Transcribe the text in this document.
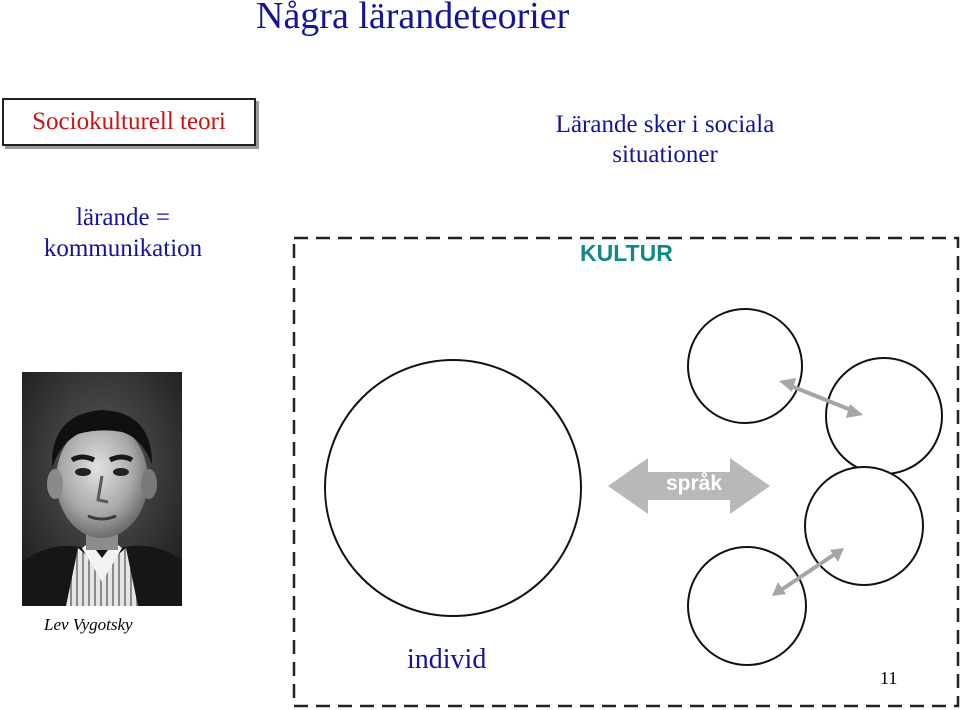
Några lärandeteorier
Sociokulturell teori	Lärande sker i sociala situationer
lärande =
kommunikation
Lev Vygotsky
KULTUR
språk
individ
11
